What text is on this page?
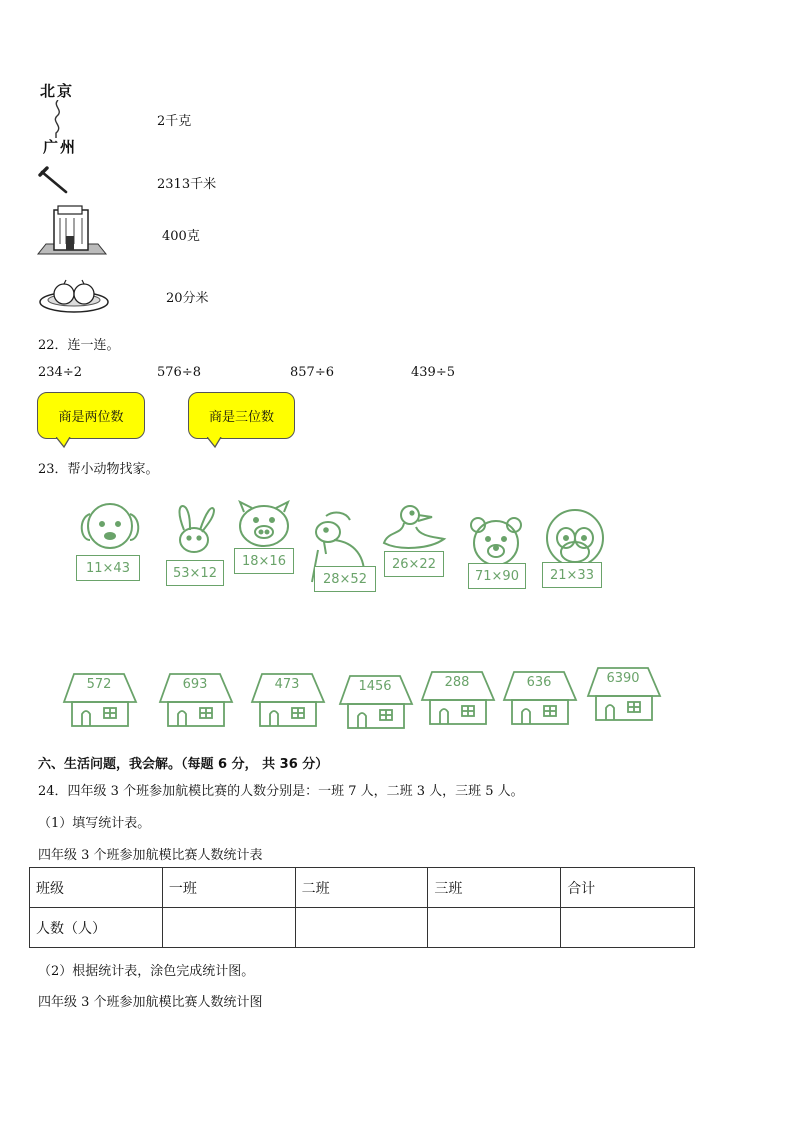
北京
广州
2千克
2313千米
400克
20分米
22．连一连。
234÷2	576÷8	857÷6	439÷5
商是两位数	商是三位数
23．帮小动物找家。
11×43	53×12
18×16
28×52
26×22
71×90	21×33
572	693	473	1456	288	636	6390
六、生活问题，我会解。（每题 6 分， 共 36 分）
24．四年级 3 个班参加航模比赛的人数分别是：一班 7 人，二班 3 人，三班 5 人。
（1）填写统计表。
四年级 3 个班参加航模比赛人数统计表
班级	一班	二班	三班	合计
人数（人）				
（2）根据统计表，涂色完成统计图。
四年级 3 个班参加航模比赛人数统计图
